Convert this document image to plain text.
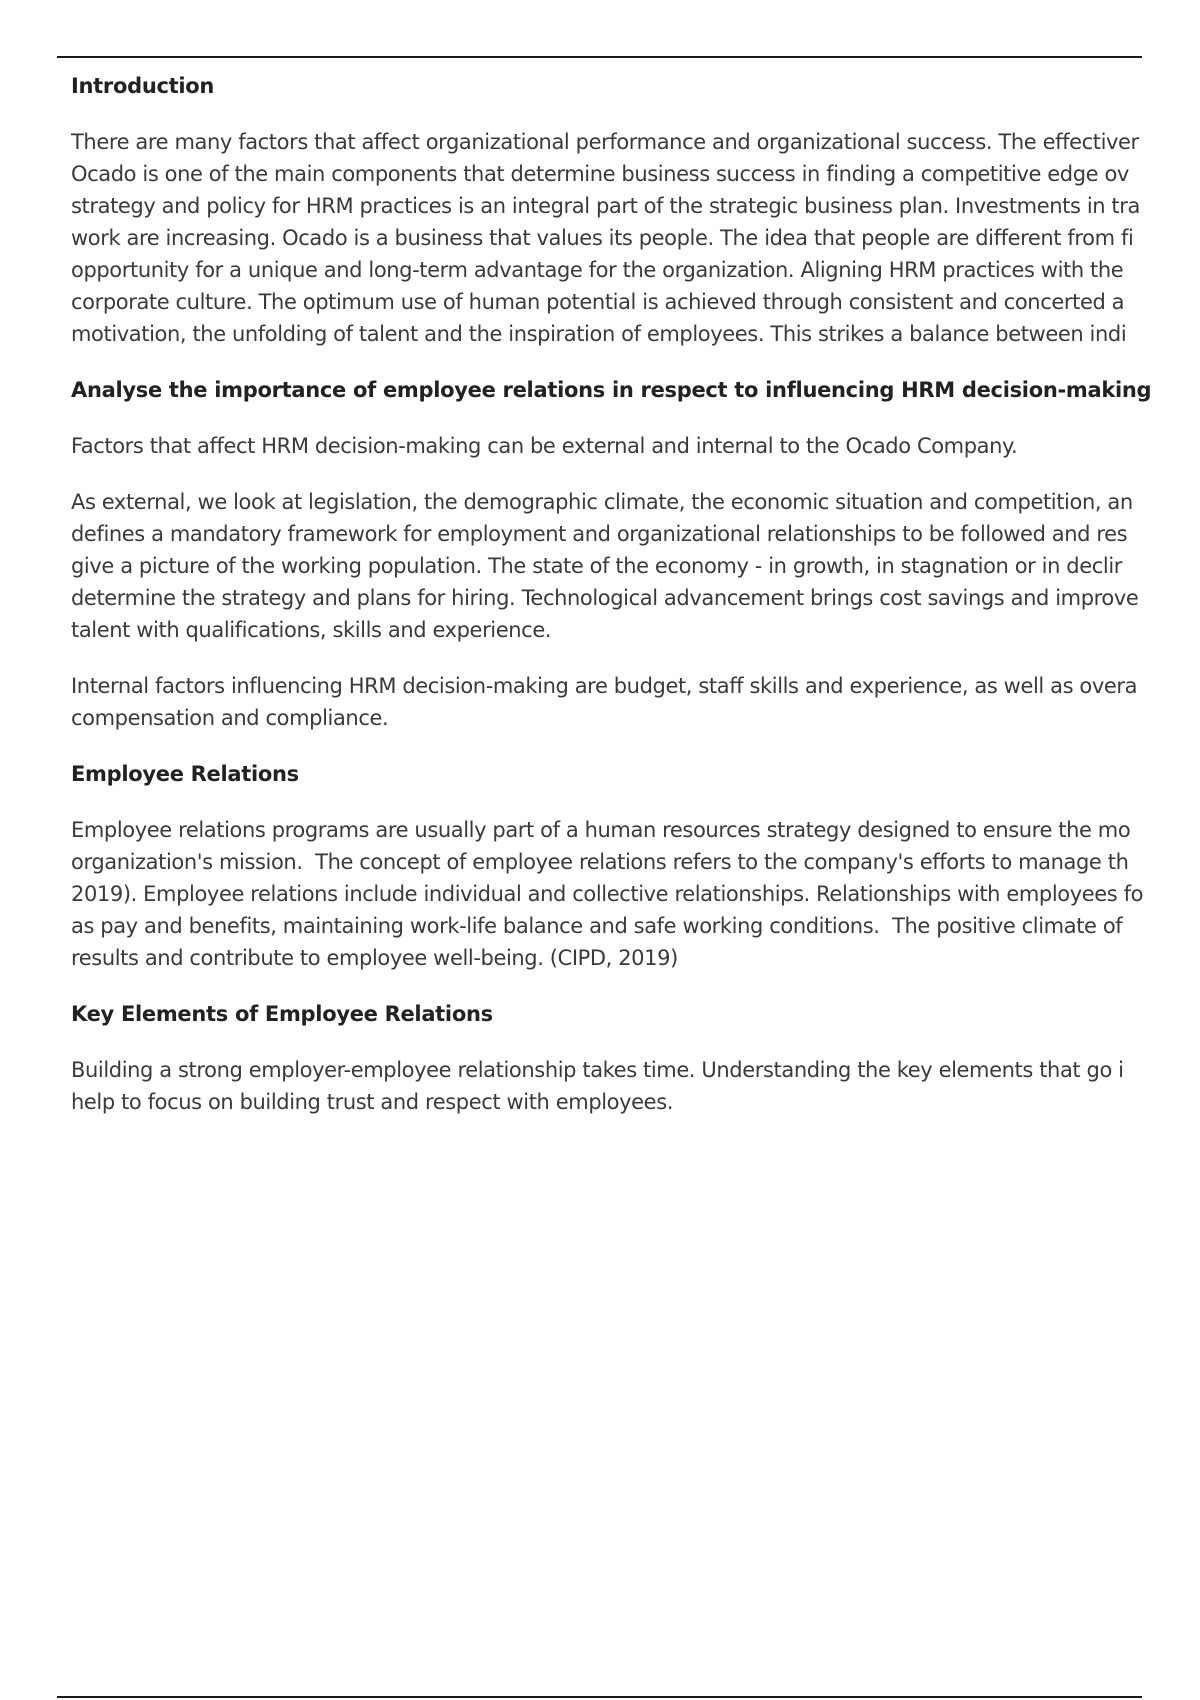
Introduction

There are many factors that affect organizational performance and organizational success. The effectiver
Ocado is one of the main components that determine business success in finding a competitive edge ov
strategy and policy for HRM practices is an integral part of the strategic business plan. Investments in tra
work are increasing. Ocado is a business that values its people. The idea that people are different from fi
opportunity for a unique and long-term advantage for the organization. Aligning HRM practices with the
corporate culture. The optimum use of human potential is achieved through consistent and concerted a
motivation, the unfolding of talent and the inspiration of employees. This strikes a balance between indi

Analyse the importance of employee relations in respect to influencing HRM decision-making

Factors that affect HRM decision-making can be external and internal to the Ocado Company.

As external, we look at legislation, the demographic climate, the economic situation and competition, an
defines a mandatory framework for employment and organizational relationships to be followed and res
give a picture of the working population. The state of the economy - in growth, in stagnation or in declir
determine the strategy and plans for hiring. Technological advancement brings cost savings and improve
talent with qualifications, skills and experience.

Internal factors influencing HRM decision-making are budget, staff skills and experience, as well as overa
compensation and compliance.

Employee Relations

Employee relations programs are usually part of a human resources strategy designed to ensure the mo
organization's mission.  The concept of employee relations refers to the company's efforts to manage th
2019). Employee relations include individual and collective relationships. Relationships with employees fo
as pay and benefits, maintaining work-life balance and safe working conditions.  The positive climate of
results and contribute to employee well-being. (CIPD, 2019)

Key Elements of Employee Relations

Building a strong employer-employee relationship takes time. Understanding the key elements that go i
help to focus on building trust and respect with employees.
